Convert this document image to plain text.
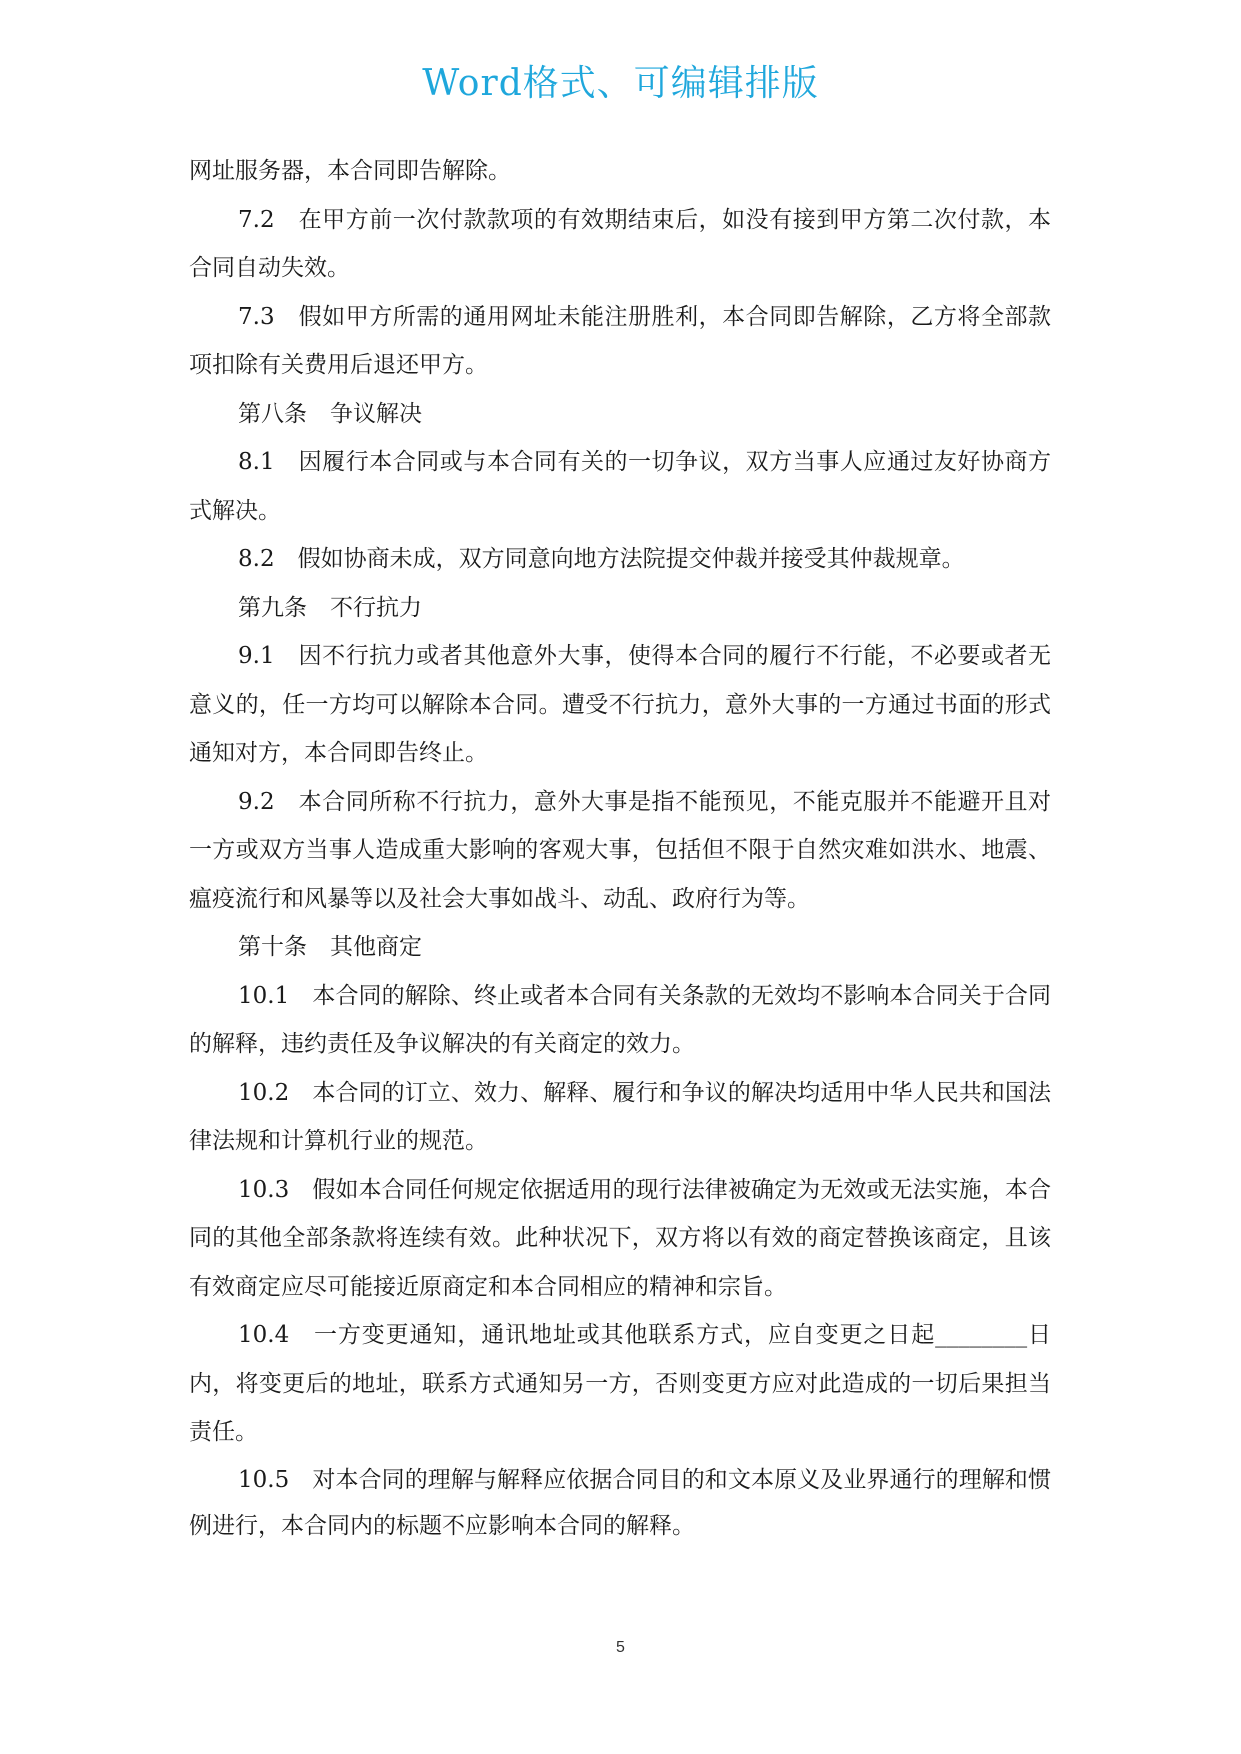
Word格式、可编辑排版

网址服务器，本合同即告解除。

7.2　在甲方前一次付款款项的有效期结束后，如没有接到甲方第二次付款，本合同自动失效。

7.3　假如甲方所需的通用网址未能注册胜利，本合同即告解除，乙方将全部款项扣除有关费用后退还甲方。

第八条　争议解决

8.1　因履行本合同或与本合同有关的一切争议，双方当事人应通过友好协商方式解决。

8.2　假如协商未成，双方同意向地方法院提交仲裁并接受其仲裁规章。

第九条　不行抗力

9.1　因不行抗力或者其他意外大事，使得本合同的履行不行能，不必要或者无意义的，任一方均可以解除本合同。遭受不行抗力，意外大事的一方通过书面的形式通知对方，本合同即告终止。

9.2　本合同所称不行抗力，意外大事是指不能预见，不能克服并不能避开且对一方或双方当事人造成重大影响的客观大事，包括但不限于自然灾难如洪水、地震、瘟疫流行和风暴等以及社会大事如战斗、动乱、政府行为等。

第十条　其他商定

10.1　本合同的解除、终止或者本合同有关条款的无效均不影响本合同关于合同的解释，违约责任及争议解决的有关商定的效力。

10.2　本合同的订立、效力、解释、履行和争议的解决均适用中华人民共和国法律法规和计算机行业的规范。

10.3　假如本合同任何规定依据适用的现行法律被确定为无效或无法实施，本合同的其他全部条款将连续有效。此种状况下，双方将以有效的商定替换该商定，且该有效商定应尽可能接近原商定和本合同相应的精神和宗旨。

10.4　一方变更通知，通讯地址或其他联系方式，应自变更之日起________日内，将变更后的地址，联系方式通知另一方，否则变更方应对此造成的一切后果担当责任。

10.5　对本合同的理解与解释应依据合同目的和文本原义及业界通行的理解和惯例进行，本合同内的标题不应影响本合同的解释。

5
